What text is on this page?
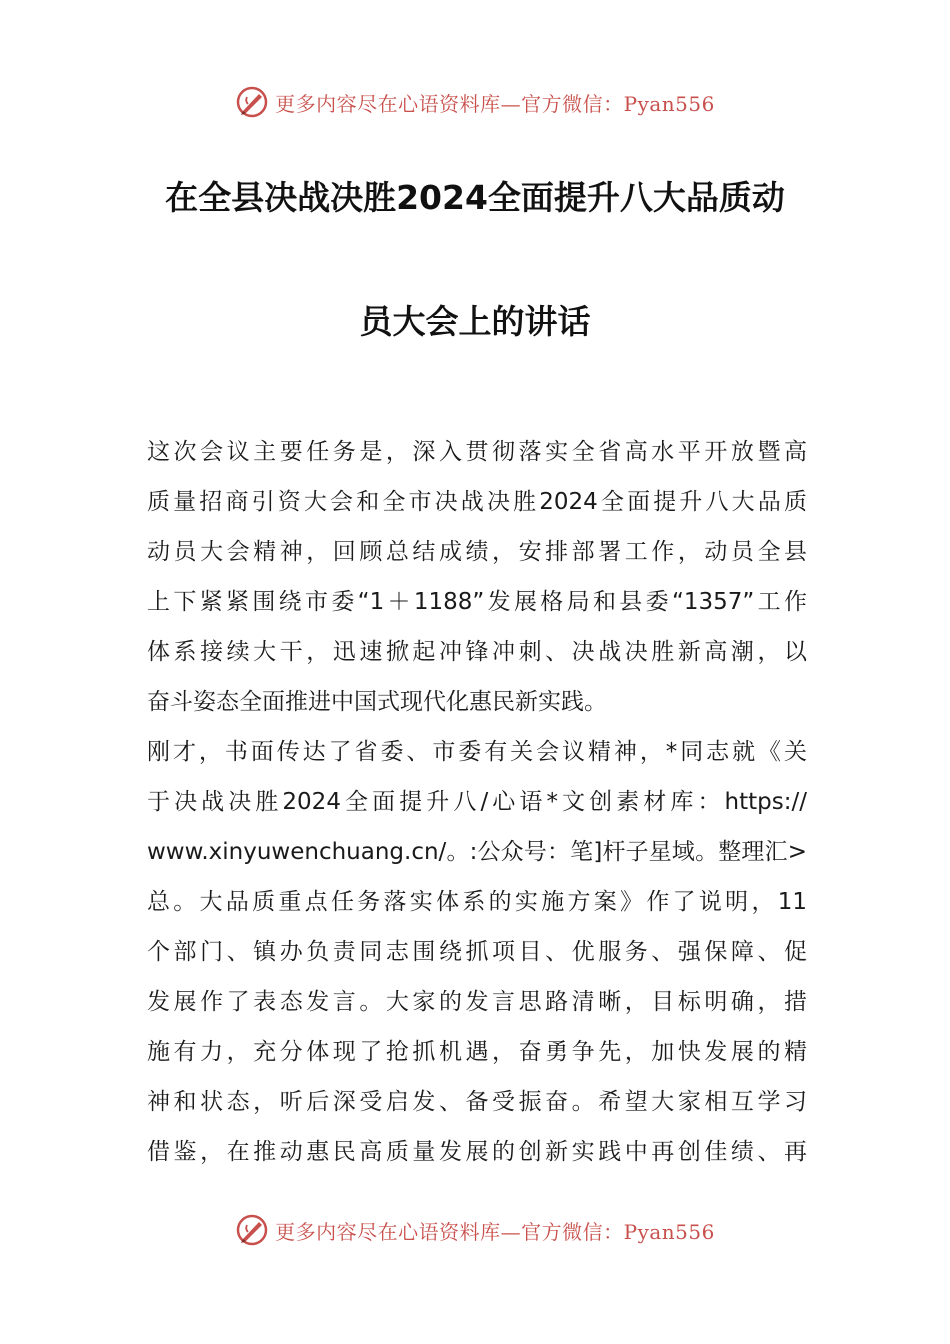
更多内容尽在心语资料库—官方微信：Pyan556
在全县决战决胜2024全面提升八大品质动
员大会上的讲话
这次会议主要任务是，深入贯彻落实全省高水平开放暨高
质量招商引资大会和全市决战决胜2024全面提升八大品质
动员大会精神，回顾总结成绩，安排部署工作，动员全县
上下紧紧围绕市委“1＋1188”发展格局和县委“1357”工作
体系接续大干，迅速掀起冲锋冲刺、决战决胜新高潮，以
奋斗姿态全面推进中国式现代化惠民新实践。
刚才，书面传达了省委、市委有关会议精神，*同志就《关
于决战决胜2024全面提升八/心语*文创素材库：https://
www.xinyuwenchuang.cn/。:公众号：笔]杆子星域。整理汇>
总。大品质重点任务落实体系的实施方案》作了说明，11
个部门、镇办负责同志围绕抓项目、优服务、强保障、促
发展作了表态发言。大家的发言思路清晰，目标明确，措
施有力，充分体现了抢抓机遇，奋勇争先，加快发展的精
神和状态，听后深受启发、备受振奋。希望大家相互学习
借鉴，在推动惠民高质量发展的创新实践中再创佳绩、再
更多内容尽在心语资料库—官方微信：Pyan556
